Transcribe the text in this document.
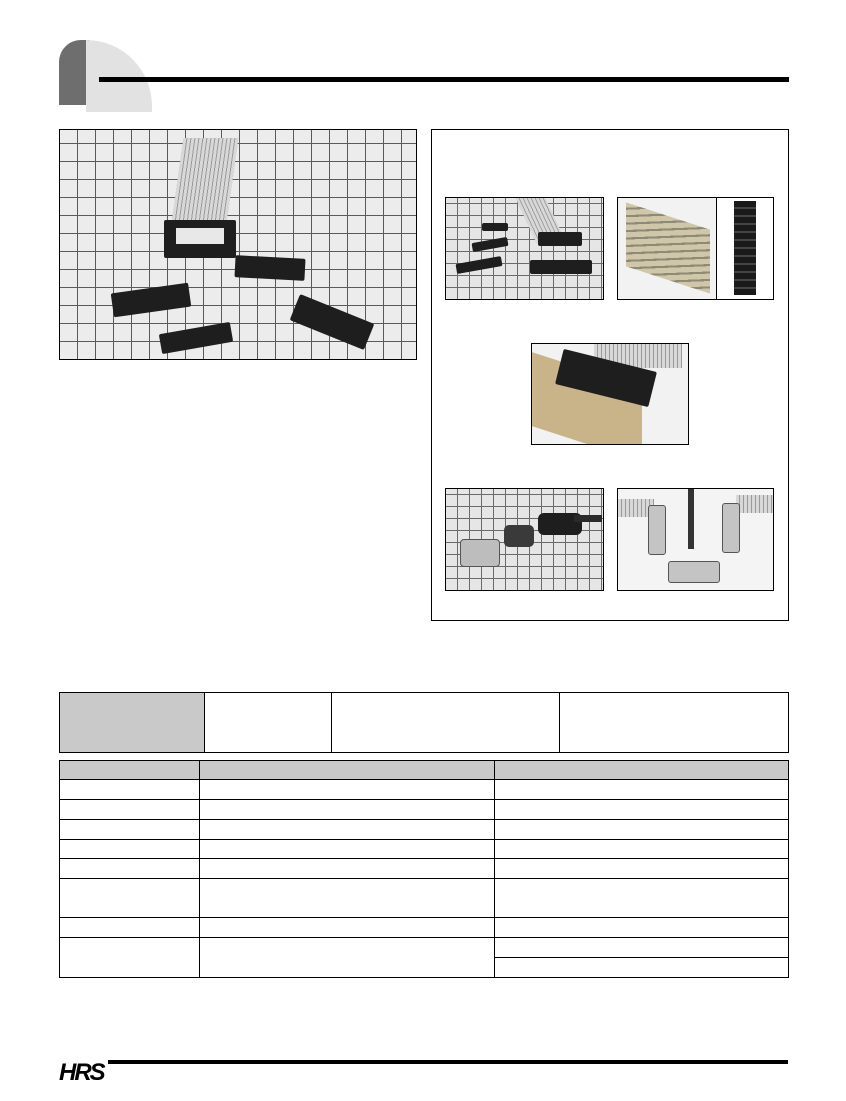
HRS
